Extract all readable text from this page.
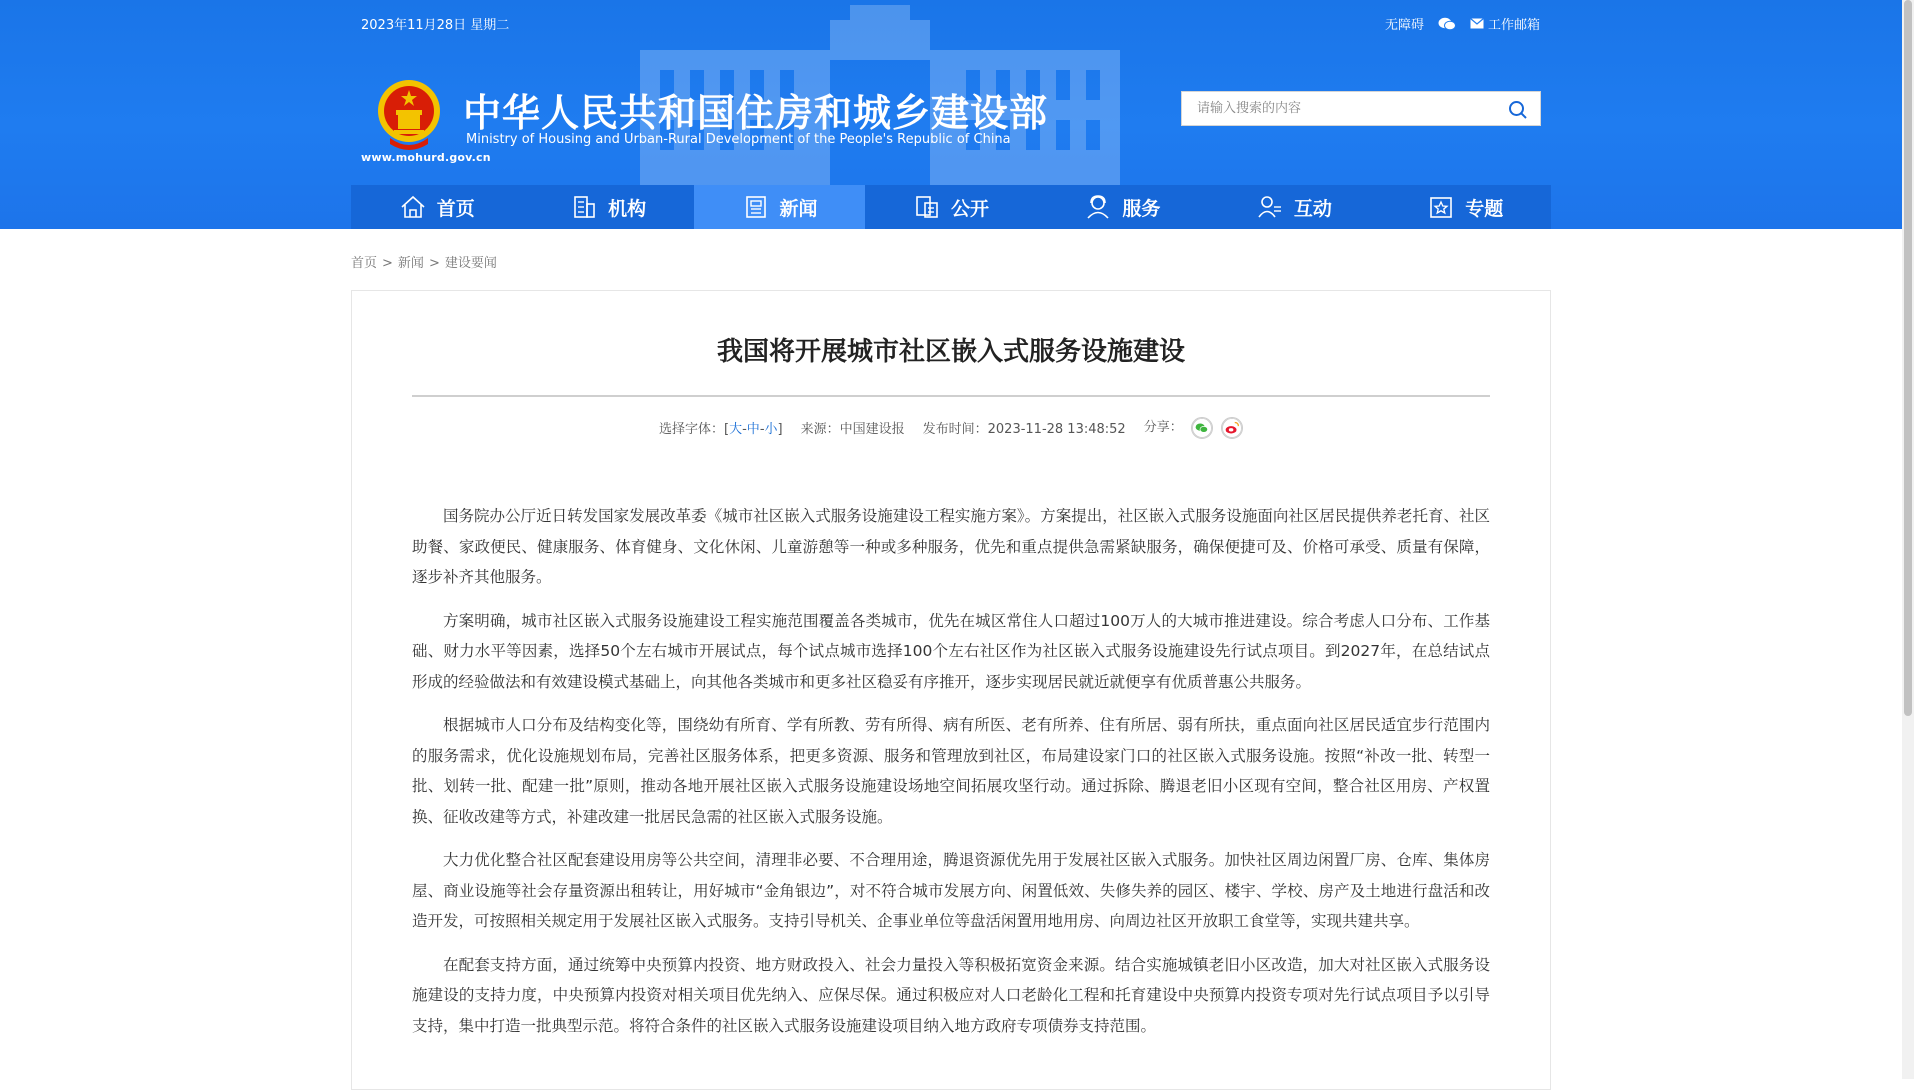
2023年11月28日 星期二	无障碍	工作邮箱
www.mohurd.gov.cn
中华人民共和国住房和城乡建设部
Ministry of Housing and Urban-Rural Development of the People's Republic of China
请输入搜索的内容
首页	机构	新闻	公开	服务	互动	专题
首页 > 新闻 > 建设要闻
我国将开展城市社区嵌入式服务设施建设
选择字体：[大-中-小] 来源：中国建设报 发布时间：2023-11-28 13:48:52 分享：

国务院办公厅近日转发国家发展改革委《城市社区嵌入式服务设施建设工程实施方案》。方案提出，社区嵌入式服务设施面向社区居民提供养老托育、社区助餐、家政便民、健康服务、体育健身、文化休闲、儿童游憩等一种或多种服务，优先和重点提供急需紧缺服务，确保便捷可及、价格可承受、质量有保障，逐步补齐其他服务。

方案明确，城市社区嵌入式服务设施建设工程实施范围覆盖各类城市，优先在城区常住人口超过100万人的大城市推进建设。综合考虑人口分布、工作基础、财力水平等因素，选择50个左右城市开展试点，每个试点城市选择100个左右社区作为社区嵌入式服务设施建设先行试点项目。到2027年，在总结试点形成的经验做法和有效建设模式基础上，向其他各类城市和更多社区稳妥有序推开，逐步实现居民就近就便享有优质普惠公共服务。

根据城市人口分布及结构变化等，围绕幼有所育、学有所教、劳有所得、病有所医、老有所养、住有所居、弱有所扶，重点面向社区居民适宜步行范围内的服务需求，优化设施规划布局，完善社区服务体系，把更多资源、服务和管理放到社区，布局建设家门口的社区嵌入式服务设施。按照“补改一批、转型一批、划转一批、配建一批”原则，推动各地开展社区嵌入式服务设施建设场地空间拓展攻坚行动。通过拆除、腾退老旧小区现有空间，整合社区用房、产权置换、征收改建等方式，补建改建一批居民急需的社区嵌入式服务设施。

大力优化整合社区配套建设用房等公共空间，清理非必要、不合理用途，腾退资源优先用于发展社区嵌入式服务。加快社区周边闲置厂房、仓库、集体房屋、商业设施等社会存量资源出租转让，用好城市“金角银边”，对不符合城市发展方向、闲置低效、失修失养的园区、楼宇、学校、房产及土地进行盘活和改造开发，可按照相关规定用于发展社区嵌入式服务。支持引导机关、企事业单位等盘活闲置用地用房、向周边社区开放职工食堂等，实现共建共享。

在配套支持方面，通过统筹中央预算内投资、地方财政投入、社会力量投入等积极拓宽资金来源。结合实施城镇老旧小区改造，加大对社区嵌入式服务设施建设的支持力度，中央预算内投资对相关项目优先纳入、应保尽保。通过积极应对人口老龄化工程和托育建设中央预算内投资专项对先行试点项目予以引导支持，集中打造一批典型示范。将符合条件的社区嵌入式服务设施建设项目纳入地方政府专项债券支持范围。
